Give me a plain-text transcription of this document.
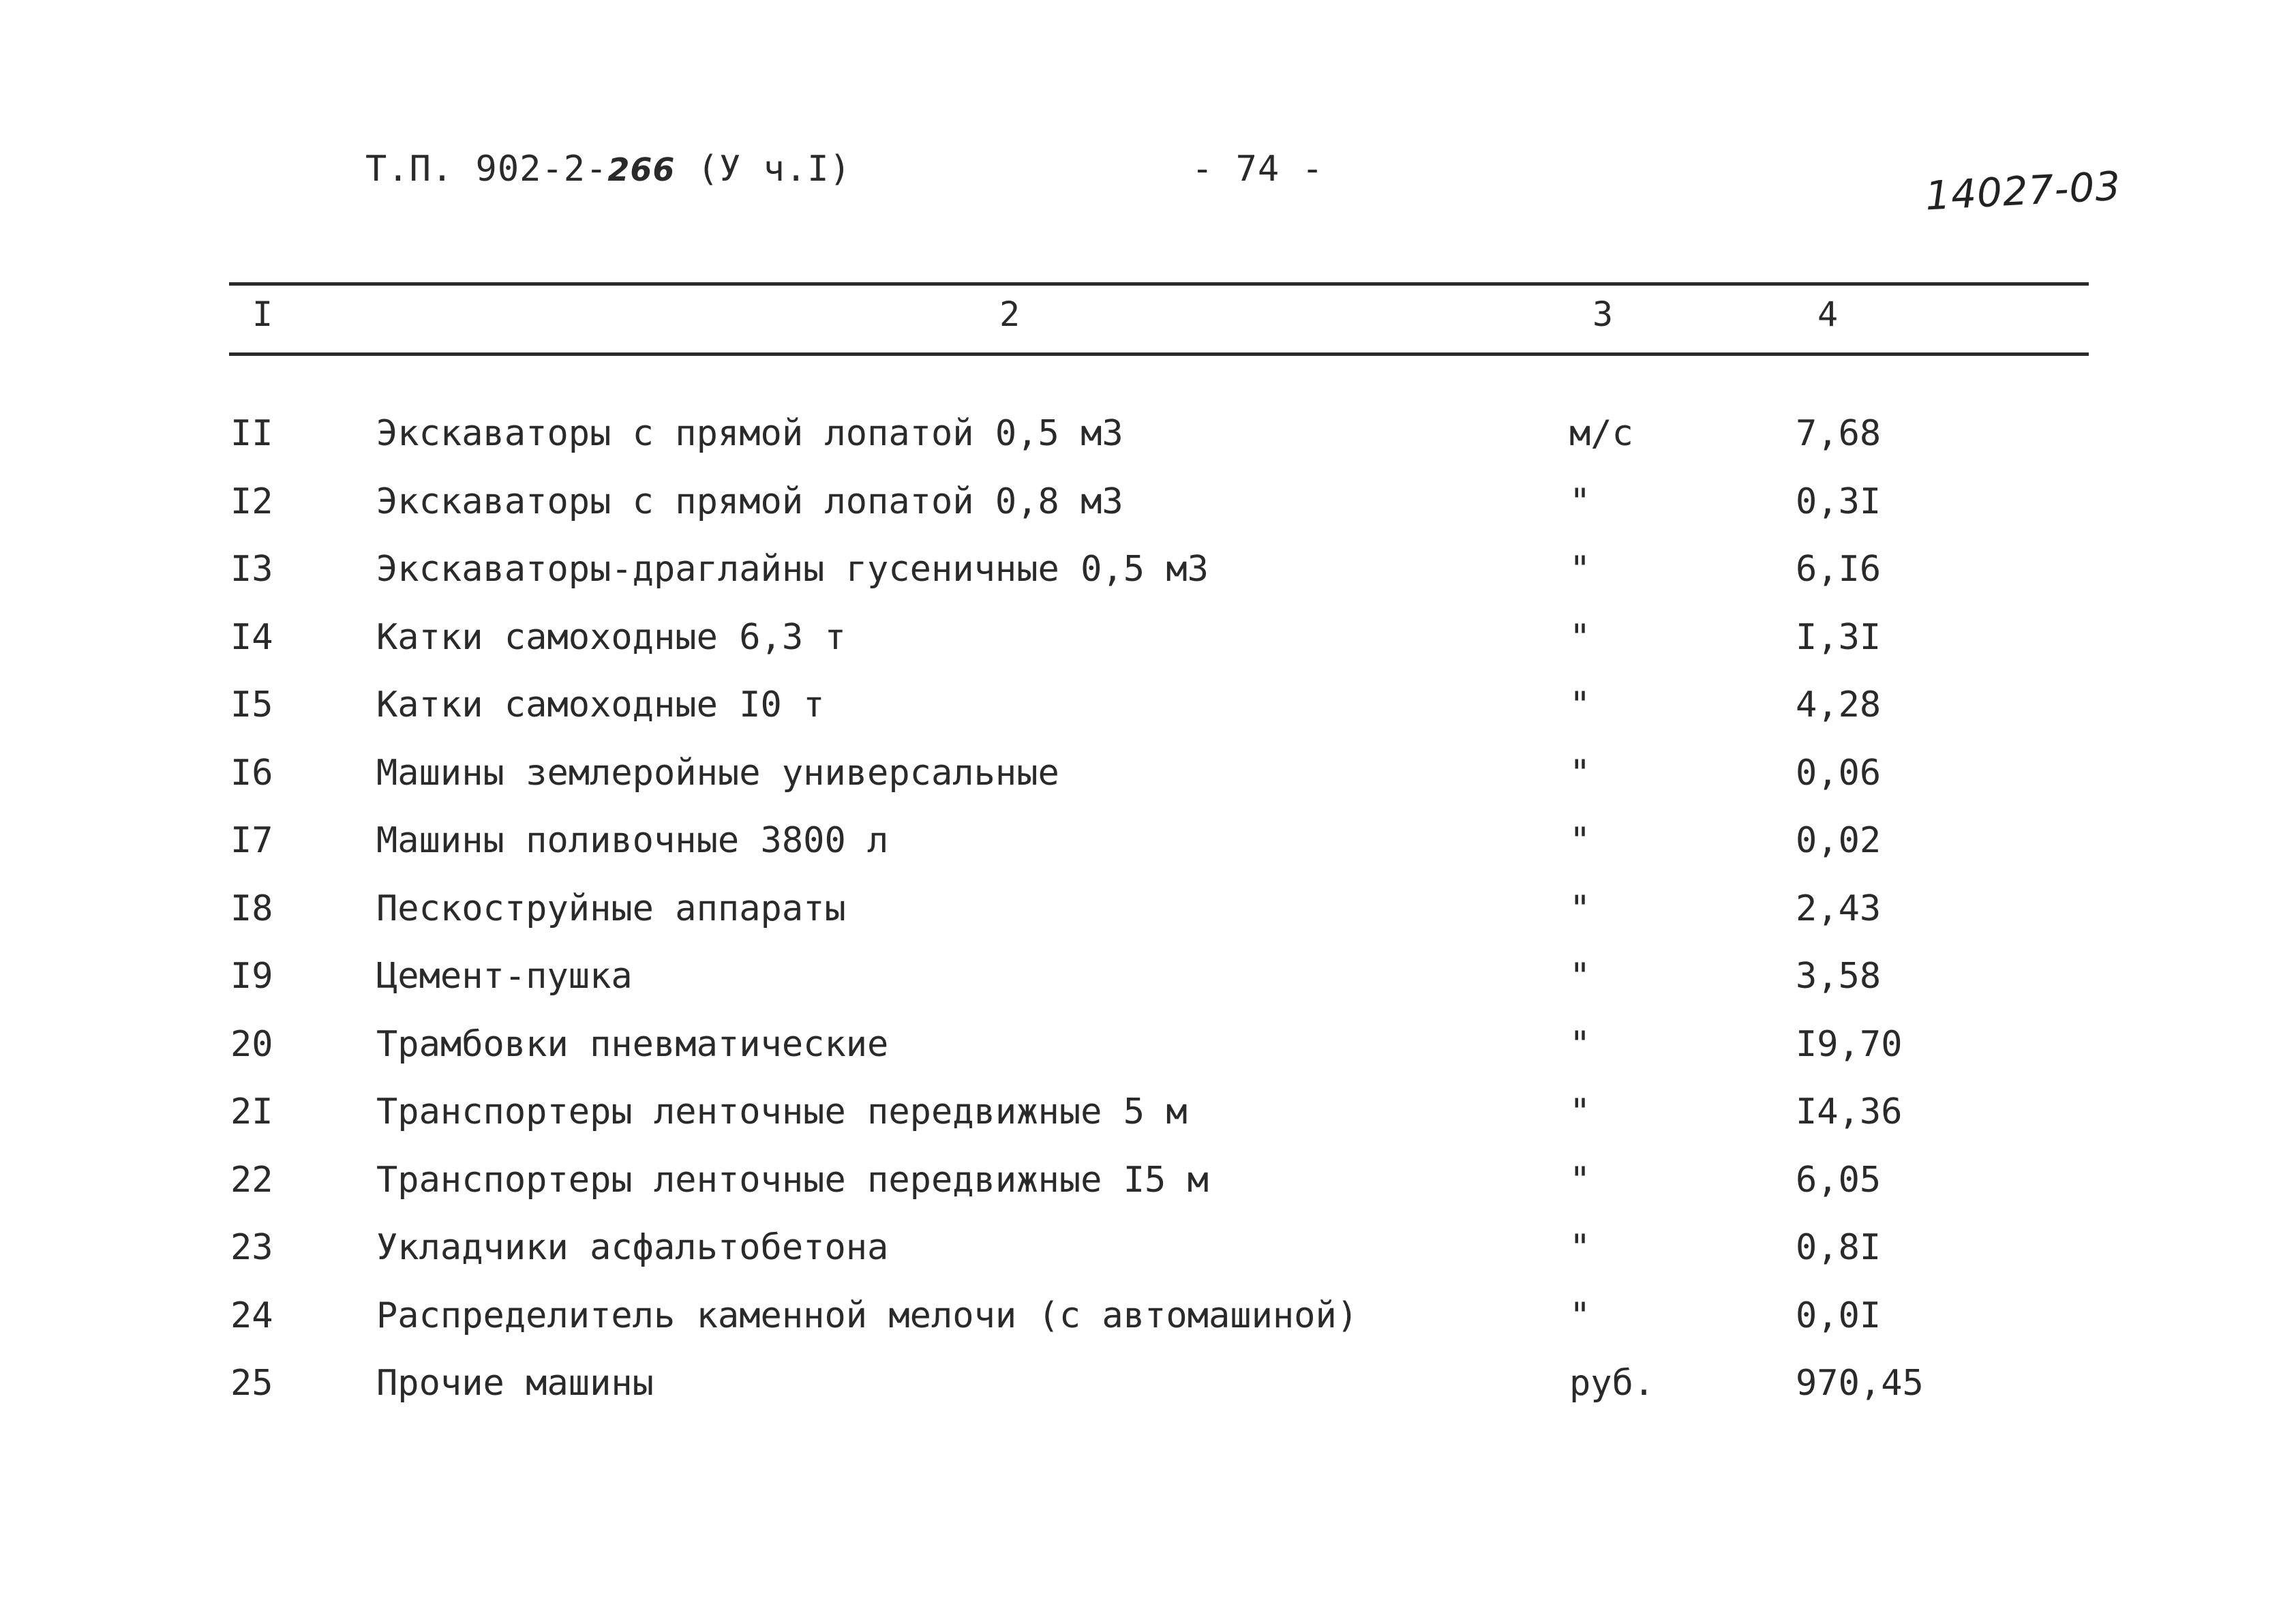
Т.П. 902-2-266 (У ч.I)	- 74 -	14027-03
I	2	3	4
II	Экскаваторы с прямой лопатой 0,5 м3	м/с	7,68
I2	Экскаваторы с прямой лопатой 0,8 м3	"	0,3I
I3	Экскаваторы-драглайны гусеничные 0,5 м3	"	6,I6
I4	Катки самоходные 6,3 т	"	I,3I
I5	Катки самоходные I0 т	"	4,28
I6	Машины землеройные универсальные	"	0,06
I7	Машины поливочные 3800 л	"	0,02
I8	Пескоструйные аппараты	"	2,43
I9	Цемент-пушка	"	3,58
20	Трамбовки пневматические	"	I9,70
2I	Транспортеры ленточные передвижные 5 м	"	I4,36
22	Транспортеры ленточные передвижные I5 м	"	6,05
23	Укладчики асфальтобетона	"	0,8I
24	Распределитель каменной мелочи (с автомашиной)	"	0,0I
25	Прочие машины	руб.	970,45
